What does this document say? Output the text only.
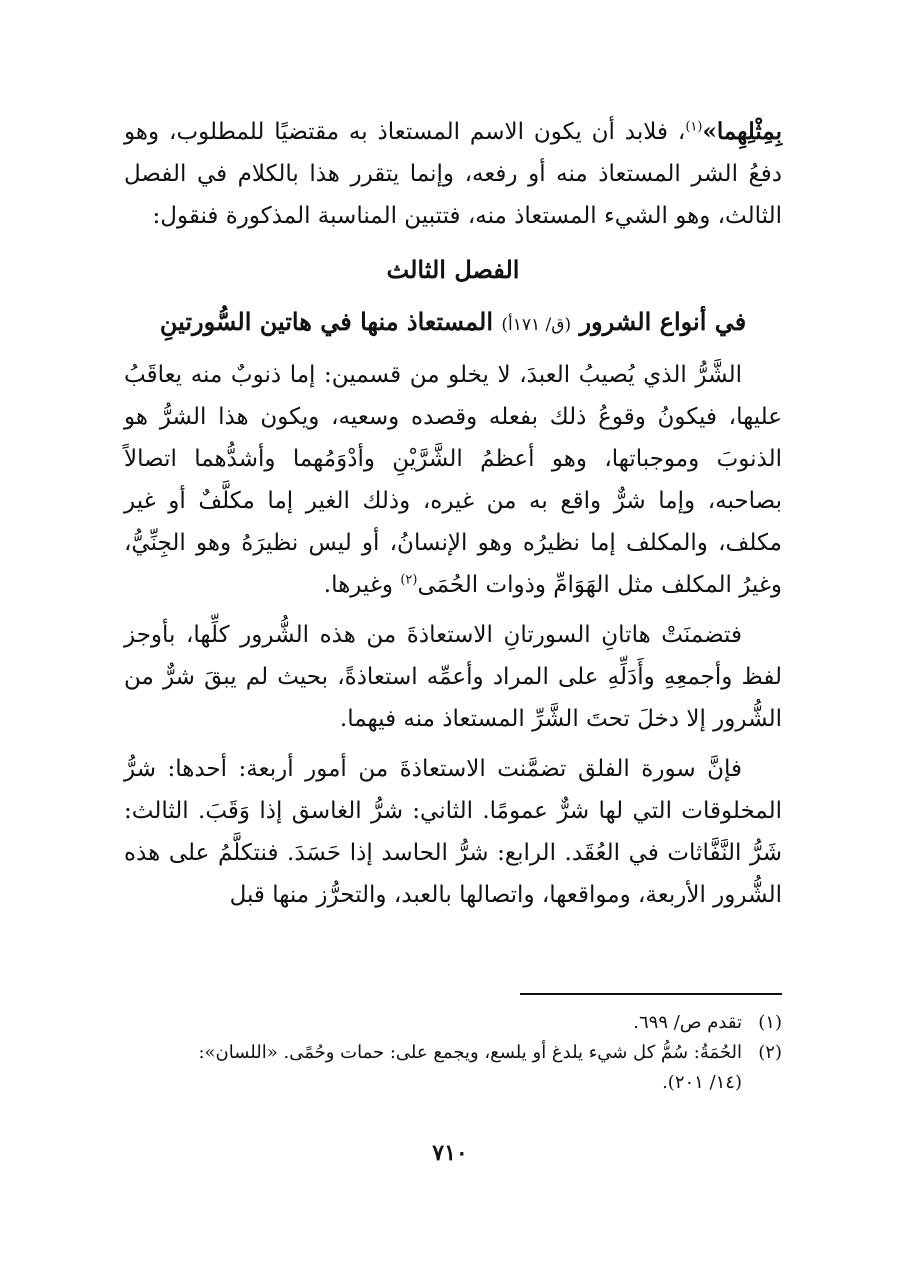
بِمِثْلِهِما»$^{(١)}$، فلابد أن يكون الاسم المستعاذ به مقتضيًا للمطلوب، وهو دفعُ الشر المستعاذ منه أو رفعه، وإنما يتقرر هذا بالكلام في الفصل الثالث، وهو الشيء المستعاذ منه، فتتبين المناسبة المذكورة فنقول:

الفصل الثالث

في أنواع الشرور (ق/ ١٧١أ) المستعاذ منها في هاتين السُّورتينِ

الشَّرُّ الذي يُصيبُ العبدَ، لا يخلو من قسمين: إما ذنوبٌ منه يعاقَبُ عليها، فيكونُ وقوعُ ذلك بفعله وقصده وسعيه، ويكون هذا الشرُّ هو الذنوبَ وموجباتها، وهو أعظمُ الشَّرَّيْنِ وأدْوَمُهما وأشدُّهما اتصالاً بصاحبه، وإما شرٌّ واقع به من غيره، وذلك الغير إما مكلَّفٌ أو غير مكلف، والمكلف إما نظيرُه وهو الإنسانُ، أو ليس نظيرَهُ وهو الجِنِّيُّ، وغيرُ المكلف مثل الهَوَامِّ وذوات الحُمَى$^{(٢)}$ وغيرها.

فتضمنَتْ هاتانِ السورتانِ الاستعاذةَ من هذه الشُّرور كلِّها، بأوجز لفظ وأجمعِهِ وأَدَلِّهِ على المراد وأعمِّه استعاذةً، بحيث لم يبقَ شرٌّ من الشُّرور إلا دخلَ تحتَ الشَّرِّ المستعاذ منه فيهما.

فإنَّ سورة الفلق تضمَّنت الاستعاذةَ من أمور أربعة: أحدها: شرُّ المخلوقات التي لها شرٌّ عمومًا. الثاني: شرُّ الغاسق إذا وَقَبَ. الثالث: شَرُّ النَّفَّاثات في العُقَد. الرابع: شرُّ الحاسد إذا حَسَدَ. فنتكلَّمُ على هذه الشُّرور الأربعة، ومواقعها، واتصالها بالعبد، والتحرُّز منها قبل

(١)تقدم ص/ ٦٩٩.

(٢)الحُمَةُ: سُمُّ كل شيء يلدغ أو يلسع، ويجمع على: حمات وحُمًى. «اللسان»:

(١٤/ ٢٠١).

٧١٠
